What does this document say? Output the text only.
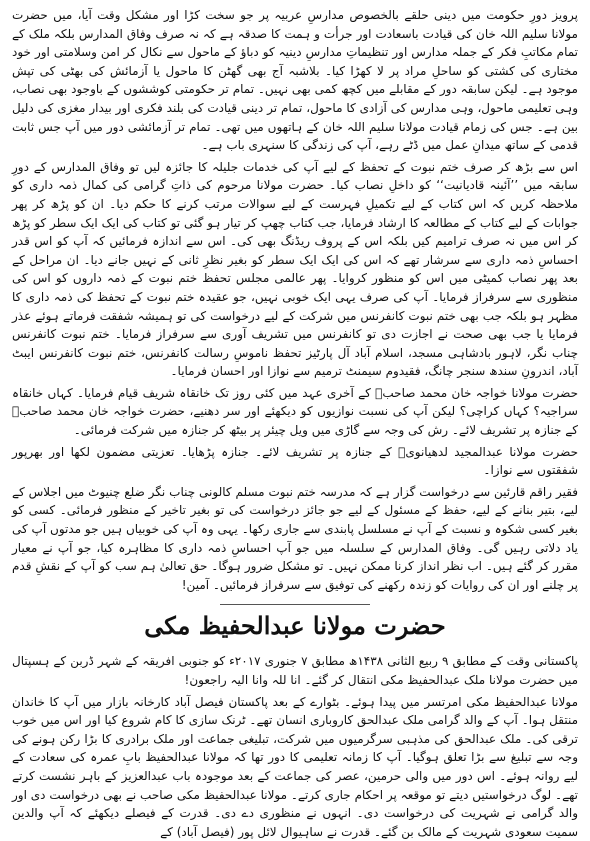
پرویز دورِ حکومت میں دینی حلقے بالخصوص مدارسِ عربیہ پر جو سخت کڑا اور مشکل وقت آیا، میں حضرت مولانا سلیم اللہ خان کی قیادت باسعادت اور جرأت و ہمت کا صدقہ ہے کہ نہ صرف وفاق المدارس بلکہ ملک کے تمام مکاتبِ فکر کے جملہ مدارس اور تنظیماتِ مدارسِ دینیہ کو دباؤ کے ماحول سے نکال کر امن وسلامتی اور خود مختاری کی کشتی کو ساحلِ مراد پر لا کھڑا کیا۔ بلاشبہ آج بھی گھٹن کا ماحول یا آزمائش کی بھٹی کی تپش موجود ہے۔ لیکن سابقہ دور کے مقابلے میں کچھ کمی بھی نہیں۔ تمام تر حکومتی کوششوں کے باوجود بھی نصاب، وہی تعلیمی ماحول، وہی مدارس کی آزادی کا ماحول، تمام تر دینی قیادت کی بلند فکری اور بیدار مغزی کی دلیل بین ہے۔ جس کی زمام قیادت مولانا سلیم اللہ خان کے ہاتھوں میں تھی۔ تمام تر آزمائشی دور میں آپ جس ثابت قدمی کے ساتھ میدانِ عمل میں ڈٹے رہے، آپ کی زندگی کا سنہری باب ہے۔

اس سے بڑھ کر صرف ختم نبوت کے تحفظ کے لیے آپ کی خدمات جلیلہ کا جائزہ لیں تو وفاق المدارس کے دورِ سابقہ میں ’’آئینہ قادیانیت‘‘ کو داخلِ نصاب کیا۔ حضرت مولانا مرحوم کی ذاتِ گرامی کی کمال ذمہ داری کو ملاحظہ کریں کہ اس کتاب کے لیے تکمیلِ فہرست کے لیے سوالات مرتب کرنے کا حکم دیا۔ ان کو پڑھ کر پھر جوابات کے لیے کتاب کے مطالعہ کا ارشاد فرمایا، جب کتاب چھپ کر تیار ہو گئی تو کتاب کی ایک ایک سطر کو پڑھ کر اس میں نہ صرف ترامیم کیں بلکہ اس کے پروف ریڈنگ بھی کی۔ اس سے اندازہ فرمائیں کہ آپ کو اس قدر احساسِ ذمہ داری سے سرشار تھے کہ اس کی ایک ایک سطر کو بغیر نظرِ ثانی کے نہیں جانے دیا۔ ان مراحل کے بعد پھر نصاب کمیٹی میں اس کو منظور کروایا۔ پھر عالمی مجلس تحفظ ختم نبوت کے ذمہ داروں کو اس کی منظوری سے سرفراز فرمایا۔ آپ کی صرف یہی ایک خوبی نہیں، جو عقیدہ ختم نبوت کے تحفظ کی ذمہ داری کا مظہر ہو بلکہ جب بھی ختم نبوت کانفرنس میں شرکت کے لیے درخواست کی تو ہمیشہ شفقت فرماتے ہوئے عذر فرمایا یا جب بھی صحت نے اجازت دی تو کانفرنس میں تشریف آوری سے سرفراز فرمایا۔ ختم نبوت کانفرنس چناب نگر، لاہور بادشاہی مسجد، اسلام آباد آل پارٹیز تحفظ ناموسِ رسالت کانفرنس، ختم نبوت کانفرنس ایبٹ آباد، اندرونِ سندھ سنجر چانگ، فقیدوم سیمنٹ ترمیم سے نوازا اور احسان فرمایا۔

حضرت مولانا خواجہ خان محمد صاحبؒ کے آخری عہد میں کئی روز تک خانقاہ شریف قیام فرمایا۔ کہاں خانقاہ سراجیہ؟ کہاں کراچی؟ لیکن آپ کی نسبت نوازیوں کو دیکھئے اور سر دھنیے، حضرت خواجہ خان محمد صاحبؒ کے جنازہ پر تشریف لائے۔ رش کی وجہ سے گاڑی میں ویل چیئر پر بیٹھ کر جنازہ میں شرکت فرمائی۔

حضرت مولانا عبدالمجید لدھیانویؒ کے جنازہ پر تشریف لائے۔ جنازہ پڑھایا۔ تعزیتی مضمون لکھا اور بھرپور شفقتوں سے نوازا۔

فقیر راقم قارئین سے درخواست گزار ہے کہ مدرسہ ختم نبوت مسلم کالونی چناب نگر ضلع چنیوٹ میں اجلاس کے لیے، بتیر بنانے کے لیے، حفظ کے مسئول کے لیے جو جائز درخواست کی تو بغیر تاخیر کے منظور فرمائی۔ کسی کو بغیر کسی شکوہ و نسبت کے آپ نے مسلسل پابندی سے جاری رکھا۔ یہی وہ آپ کی خوبیاں ہیں جو مدتوں آپ کی یاد دلاتی رہیں گی۔ وفاق المدارس کے سلسلہ میں جو آپ احساسِ ذمہ داری کا مظاہرہ کیا، جو آپ نے معیار مقرر کر گئے ہیں۔ اب نظر انداز کرنا ممکن نہیں۔ تو مشکل ضرور ہوگا۔ حق تعالیٰ ہم سب کو آپ کے نقشِ قدم پر چلنے اور ان کی روایات کو زندہ رکھنے کی توفیق سے سرفراز فرمائیں۔ آمین!

حضرت مولانا عبدالحفیظ مکی

پاکستانی وقت کے مطابق ۹ ربیع الثانی ۱۴۳۸ھ مطابق ۷ جنوری ۲۰۱۷ء کو جنوبی افریقہ کے شہر ڈربن کے ہسپتال میں حضرت مولانا ملک عبدالحفیظ مکی انتقال کر گئے۔ انا للہ وانا الیہ راجعون!

مولانا عبدالحفیظ مکی امرتسر میں پیدا ہوئے۔ بٹوارے کے بعد پاکستان فیصل آباد کارخانہ بازار میں آپ کا خاندان منتقل ہوا۔ آپ کے والد گرامی ملک عبدالحق کاروباری انسان تھے۔ ٹرنک سازی کا کام شروع کیا اور اس میں خوب ترقی کی۔ ملک عبدالحق کی مذہبی سرگرمیوں میں شرکت، تبلیغی جماعت اور ملک برادری کا بڑا رکن ہونے کی وجہ سے تبلیغ سے بڑا تعلق ہوگیا۔ آپ کا زمانہ تعلیمی کا دور تھا کہ مولانا عبدالحفیظ بابِ عمرہ کی سعادت کے لیے روانہ ہوئے۔ اس دور میں والی حرمین، عصر کی جماعت کے بعد موجودہ باب عبدالعزیز کے باہر نشست کرتے تھے۔ لوگ درخواستیں دیتے تو موقعہ پر احکام جاری کرتے۔ مولانا عبدالحفیظ مکی صاحب نے بھی درخواست دی اور والد گرامی نے شہریت کی درخواست دی۔ انہوں نے منظوری دے دی۔ قدرت کے فیصلے دیکھئے کہ آپ والدین سمیت سعودی شہریت کے مالک بن گئے۔ قدرت نے ساہیوال لائل پور (فیصل آباد) کے
